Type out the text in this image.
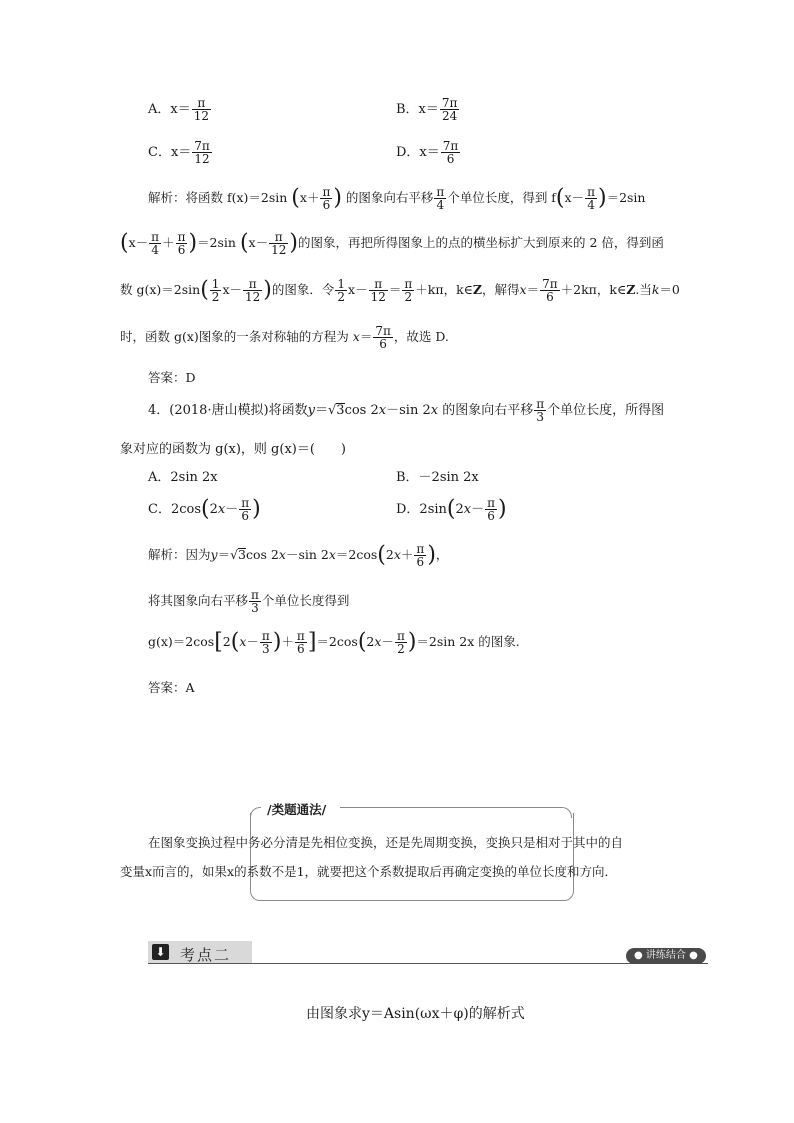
A．$x= \frac{\pi}{12}$	B．$x= \frac{7\pi}{24}$
C．$x= \frac{7\pi}{12}$	D．$x= \frac{7\pi}{6}$
解析：将函数 f(x)＝2sin ($x+ \frac{\pi}{6}$ ) 的图象向右平移 $\frac{\pi}{4}$ 个单位长度，得到 $f(x- \frac{\pi}{4} )=2\sin$
$(x- \frac{\pi}{4} + \frac{\pi}{6} )=2\sin$ ($x- \frac{\pi}{12}$ )的图象，再把所得图象上的点的横坐标扩大到原来的 2 倍，得到函
数 $g(x)=2\sin( \frac{1}{2} x- \frac{\pi}{12}$ )的图象．令 $\frac{1}{2} x- \frac{\pi}{12} = \frac{\pi}{2} +k\pi$，k∈Z，解得$x= \frac{7\pi}{6} +2k\pi$，k∈Z.当k＝0
时，函数 g(x)图象的一条对称轴的方程为 $x= \frac{7\pi}{6}$ ，故选 D.
答案：D
4．(2018·唐山模拟)将函数y＝√3cos 2x－sin 2x 的图象向右平移 $\frac{\pi}{3}$ 个单位长度，所得图
象对应的函数为 g(x)，则 g(x)＝(　　)
A．2sin 2x	B．－2sin 2x
C．$2\cos(2x- \frac{\pi}{6}$ )	D．$2\sin(2x- \frac{\pi}{6}$ )
解析：因为y＝√3cos 2x－sin $2x=2\cos(2x+ \frac{\pi}{6}$ )，
将其图象向右平移 $\frac{\pi}{3}$ 个单位长度得到
$g(x)=2\cos[2(x- \frac{\pi}{3}$ )＋ $\frac{\pi}{6} ]=2\cos(2x- \frac{\pi}{2} )=2\sin$ 2x 的图象.
答案：A
/类题通法/
在图象变换过程中务必分清是先相位变换，还是先周期变换，变换只是相对于其中的自
变量x而言的，如果x的系数不是1，就要把这个系数提取后再确定变换的单位长度和方向．
⬇ 考点二	● 讲练结合 ●
由图象求y＝Asin(ωx＋φ)的解析式
